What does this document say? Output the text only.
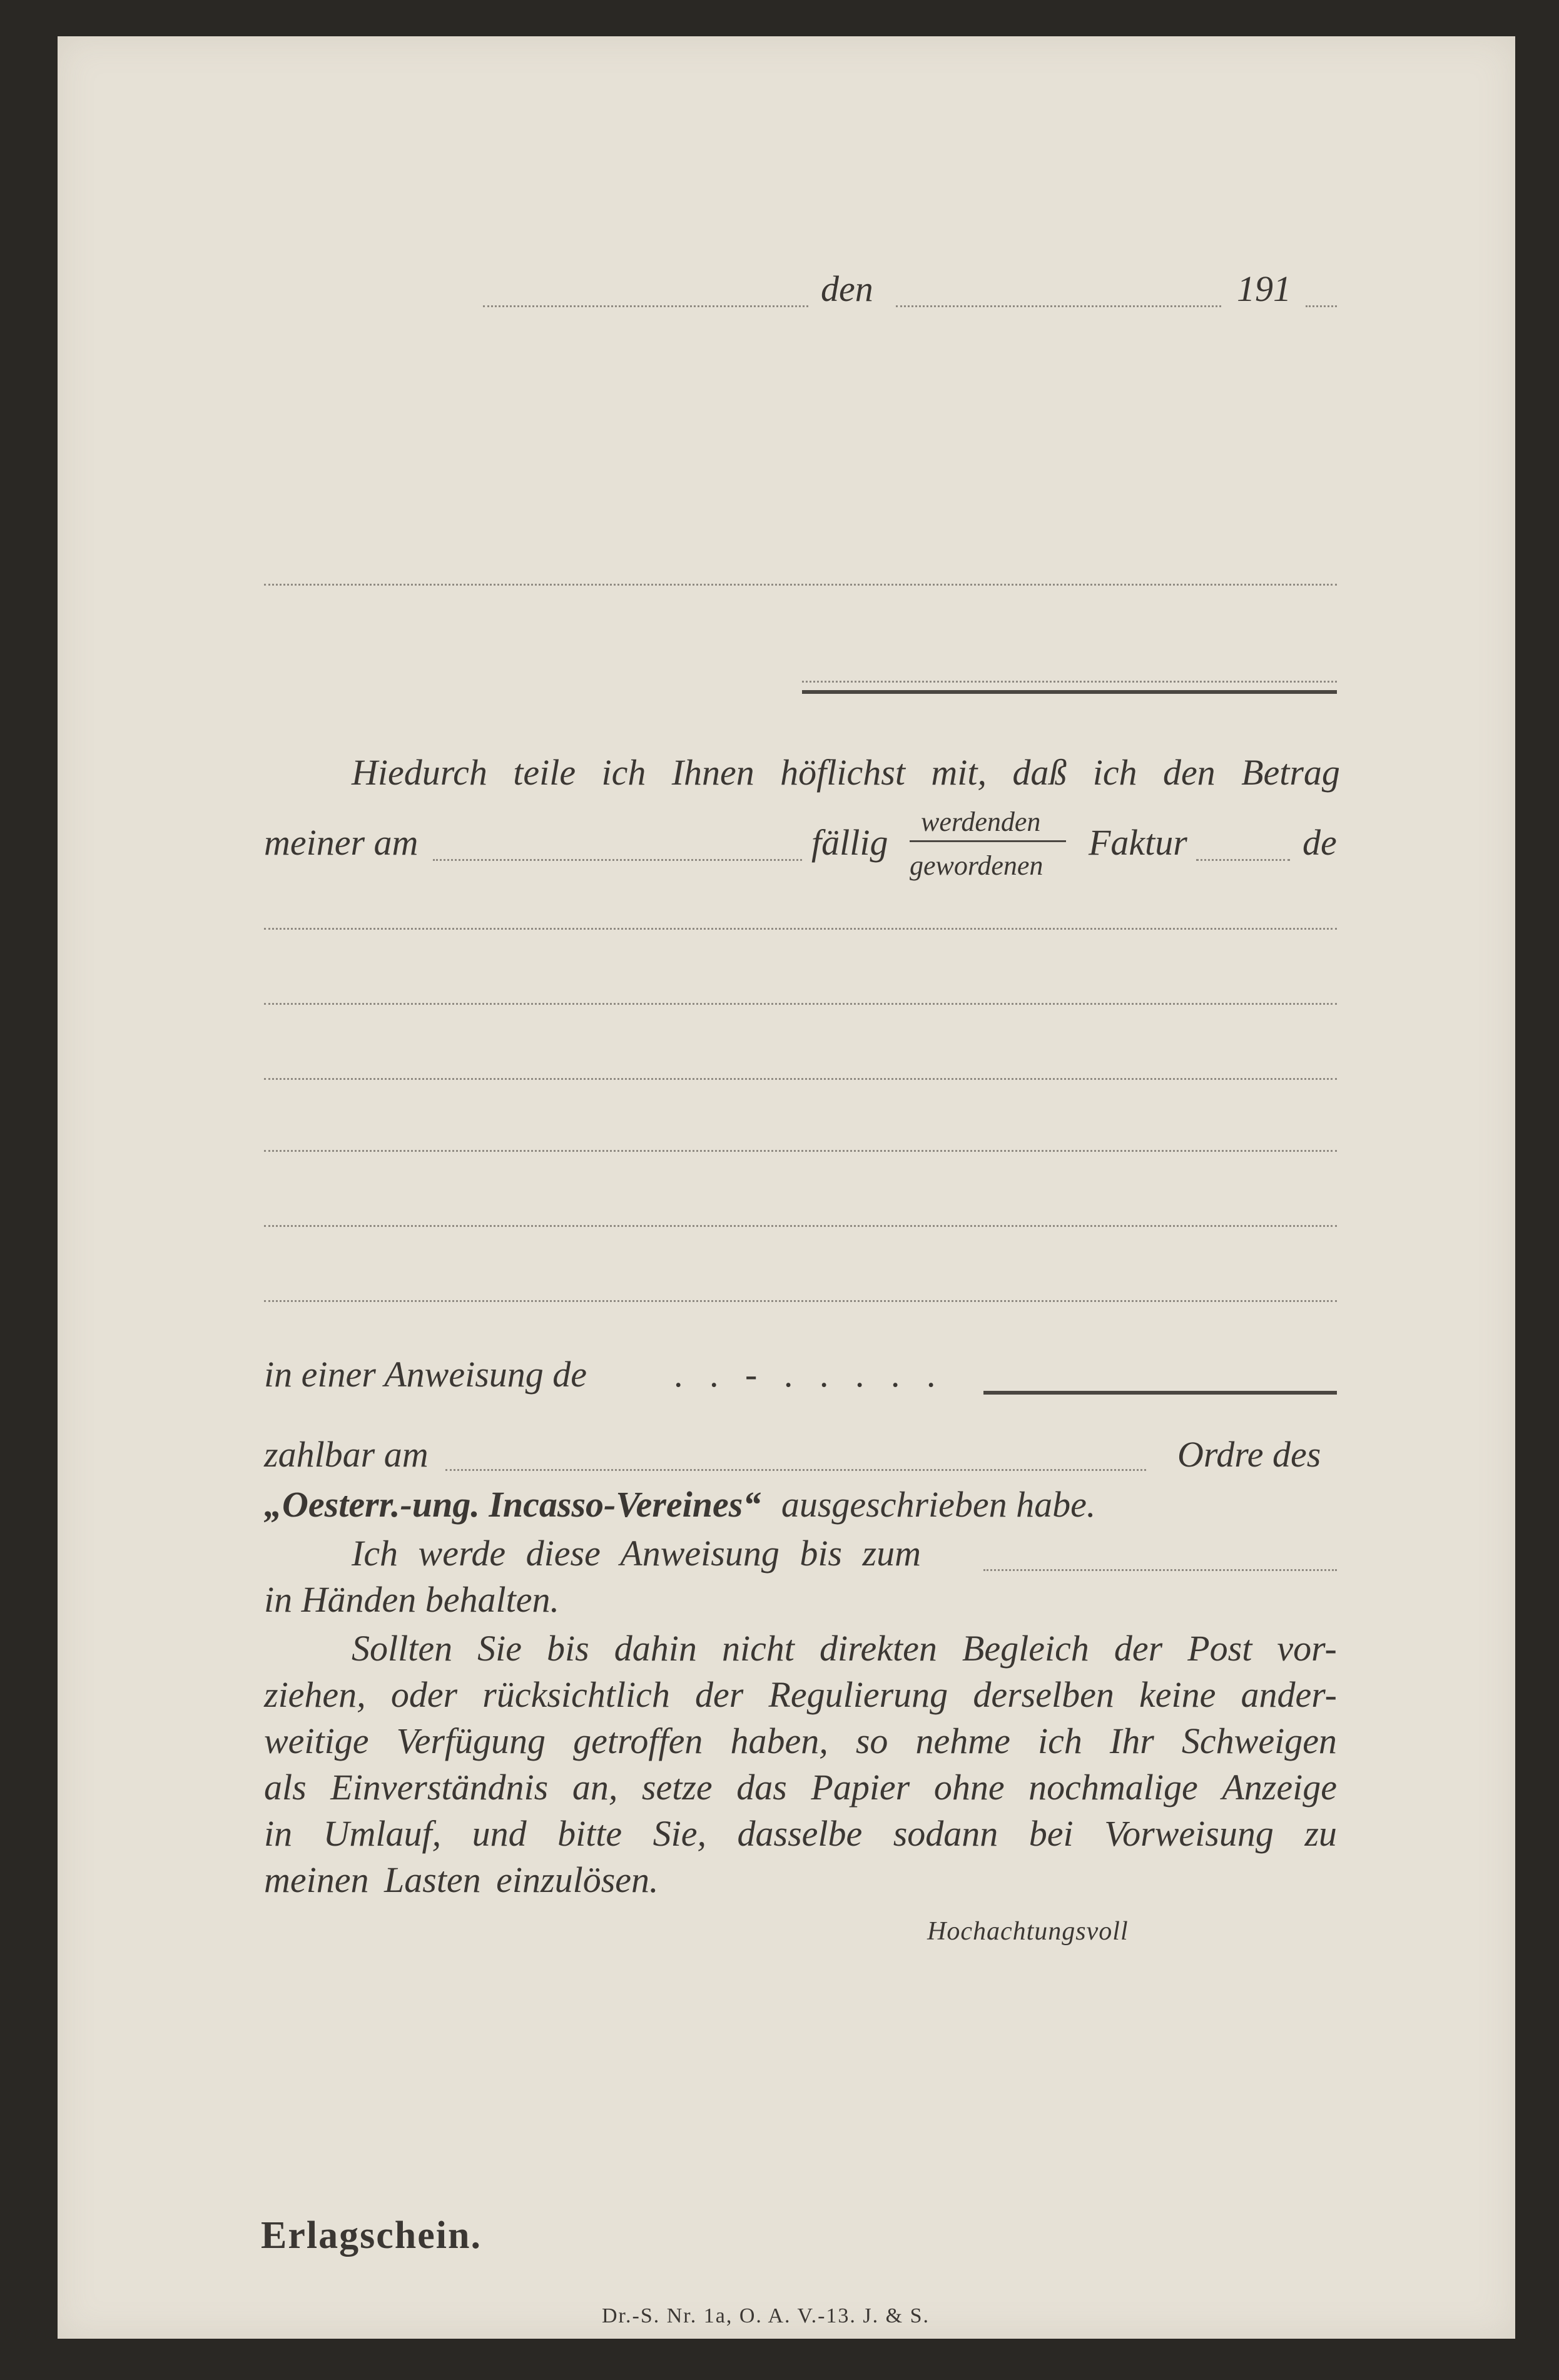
den	191
Hiedurch teile ich Ihnen höflichst mit, daß ich den Betrag
meiner am	fällig
werdenden
gewordenen
Faktur	de
in einer Anweisung de . . - . . . . .
zahlbar am	Ordre des
„Oesterr.-ung. Incasso-Vereines“ ausgeschrieben habe.
Ich werde diese Anweisung bis zum
in Händen behalten.
Sollten Sie bis dahin nicht direkten Begleich der Post vor-
ziehen, oder rücksichtlich der Regulierung derselben keine ander-
weitige Verfügung getroffen haben, so nehme ich Ihr Schweigen
als Einverständnis an, setze das Papier ohne nochmalige Anzeige
in Umlauf, und bitte Sie, dasselbe sodann bei Vorweisung zu
meinen Lasten einzulösen.
Hochachtungsvoll
Erlagschein.
Dr.-S. Nr. 1a, O. A. V.-13. J. & S.
